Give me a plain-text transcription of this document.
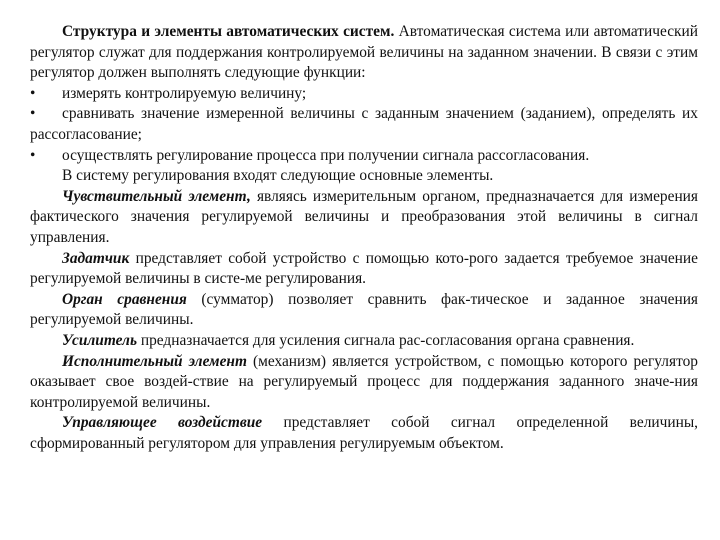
Структура и элементы автоматических систем. Автоматическая система или автоматический регулятор служат для поддержания контролируемой величины на заданном значении. В связи с этим регулятор должен выполнять следующие функции:

•	измерять контролируемую величину;

• сравнивать значение измеренной величины с заданным значением (заданием), определять их рассогласование;

•	осуществлять регулирование процесса при получении сигнала рассогласования.

В систему регулирования входят следующие основные элементы.

Чувствительный элемент, являясь измерительным органом, предназначается для измерения фактического значения регулируемой величины и преобразования этой величины в сигнал управления.

Задатчик представляет собой устройство с помощью кото-рого задается требуемое значение регулируемой величины в систе-ме регулирования.

Орган сравнения (сумматор) позволяет сравнить фак-тическое и заданное значения регулируемой величины.

Усилитель предназначается для усиления сигнала рас-согласования органа сравнения.

Исполнительный элемент (механизм) является устройством, с помощью которого регулятор оказывает свое воздей-ствие на регулируемый процесс для поддержания заданного значе-ния контролируемой величины.

Управляющее воздействие представляет собой сигнал определенной величины, сформированный регулятором для управления регулируемым объектом.
